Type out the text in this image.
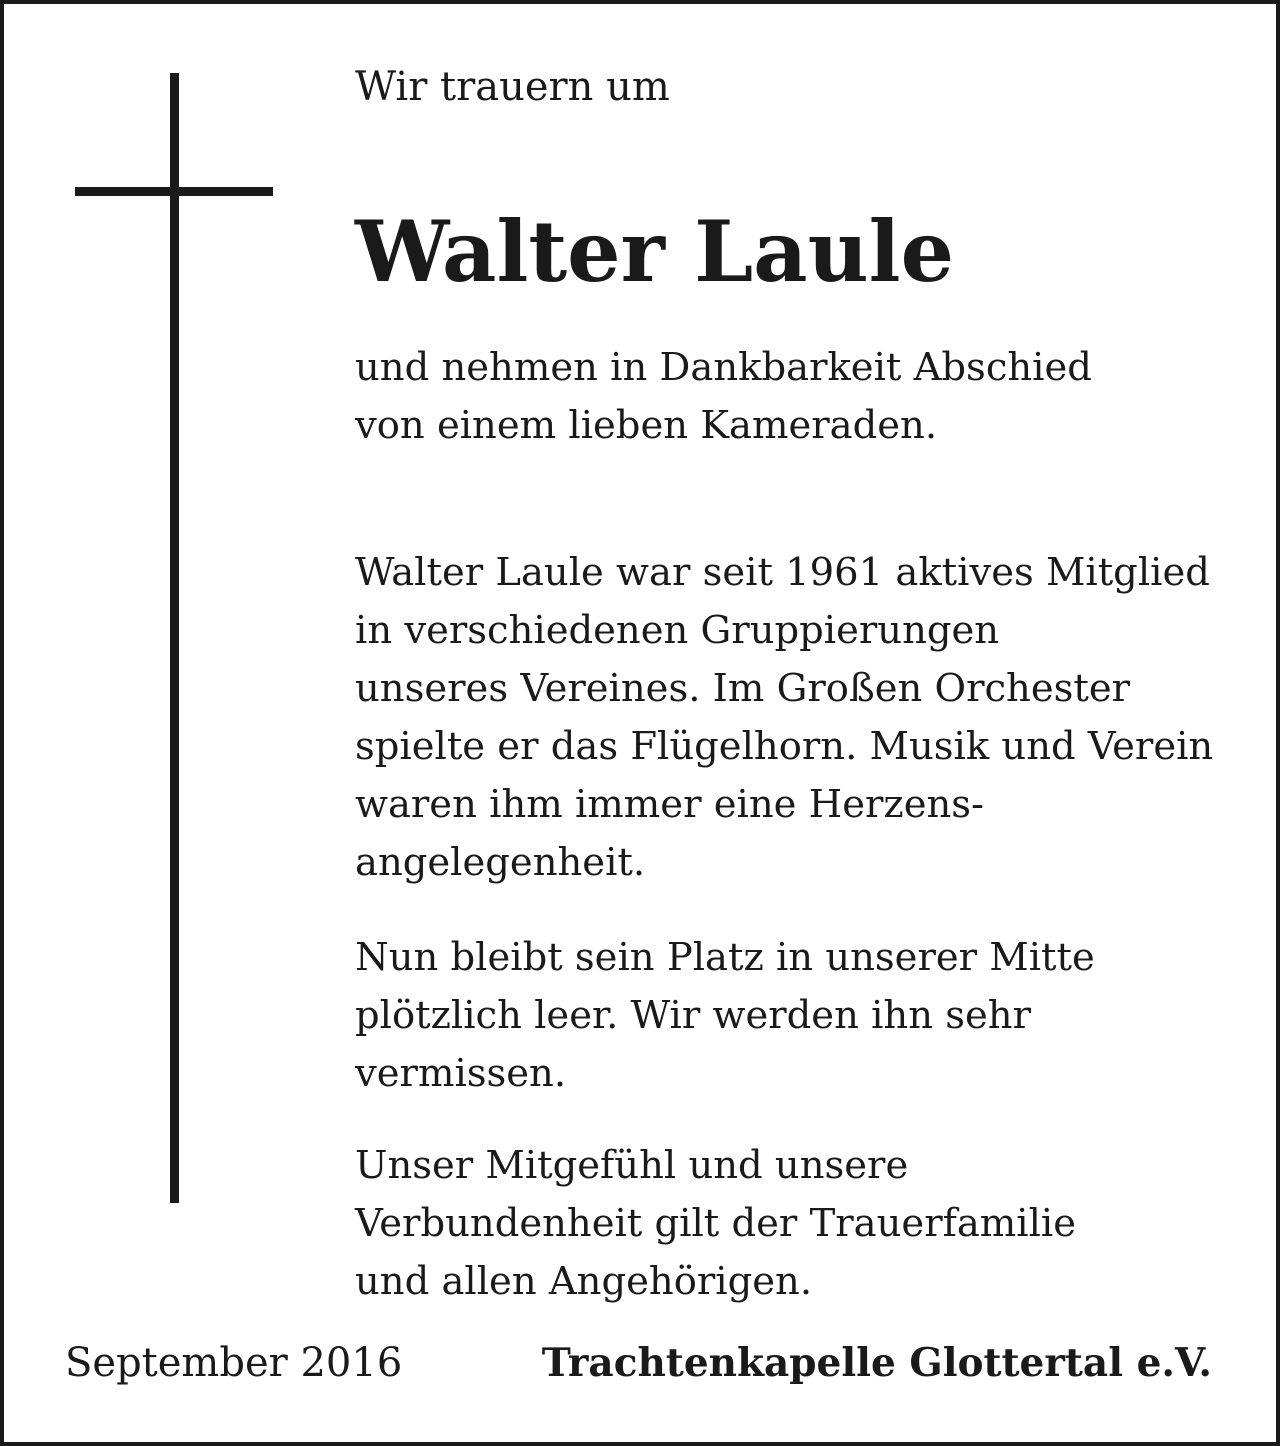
Wir trauern um

Walter Laule

und nehmen in Dankbarkeit Abschied
von einem lieben Kameraden.

Walter Laule war seit 1961 aktives Mitglied
in verschiedenen Gruppierungen
unseres Vereines. Im Großen Orchester
spielte er das Flügelhorn. Musik und Verein
waren ihm immer eine Herzens-
angelegenheit.

Nun bleibt sein Platz in unserer Mitte
plötzlich leer. Wir werden ihn sehr
vermissen.

Unser Mitgefühl und unsere
Verbundenheit gilt der Trauerfamilie
und allen Angehörigen.

September 2016	Trachtenkapelle Glottertal e.V.
